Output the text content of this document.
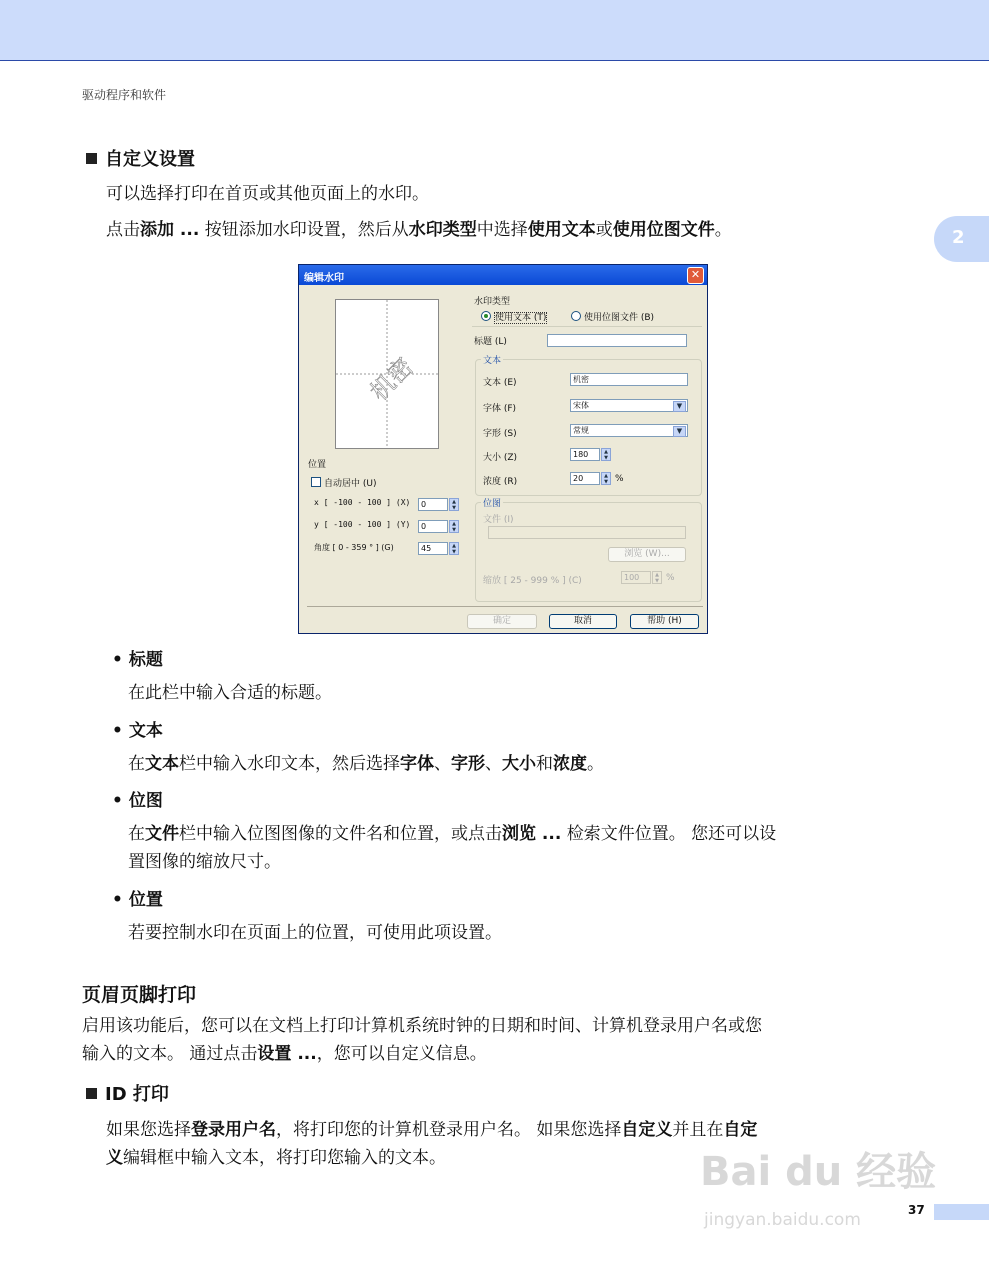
驱动程序和软件
2
自定义设置
可以选择打印在首页或其他页面上的水印。
点击添加 ... 按钮添加水印设置，然后从水印类型中选择使用文本或使用位图文件。
编辑水印	✕
机密
水印类型
使用文本 (T)	使用位图文件 (B)
标题 (L)
文本
文本 (E)	机密
字体 (F)	宋体	▼
字形 (S)	常规	▼
大小 (Z)	180	▲
▼
浓度 (R)	20	▲
▼ %
位图
文件 (I)
浏览 (W)...
缩放 [ 25 - 999 % ] (C)	100	▲
▼ %
位置
自动居中 (U)
x [ -100 - 100 ] (X)	0	▲
▼
y [ -100 - 100 ] (Y)	0	▲
▼
角度 [ 0 - 359 ° ] (G)	45	▲
▼
确定	取消	帮助 (H)
• 标题
在此栏中输入合适的标题。
• 文本
在文本栏中输入水印文本，然后选择字体、字形、大小和浓度。
• 位图
在文件栏中输入位图图像的文件名和位置，或点击浏览 ... 检索文件位置。 您还可以设
置图像的缩放尺寸。
• 位置
若要控制水印在页面上的位置，可使用此项设置。
页眉页脚打印
启用该功能后，您可以在文档上打印计算机系统时钟的日期和时间、计算机登录用户名或您
输入的文本。 通过点击设置 ...，您可以自定义信息。
ID 打印
如果您选择登录用户名，将打印您的计算机登录用户名。 如果您选择自定义并且在自定
义编辑框中输入文本，将打印您输入的文本。	Bai du 经验
jingyan.baidu.com	37
